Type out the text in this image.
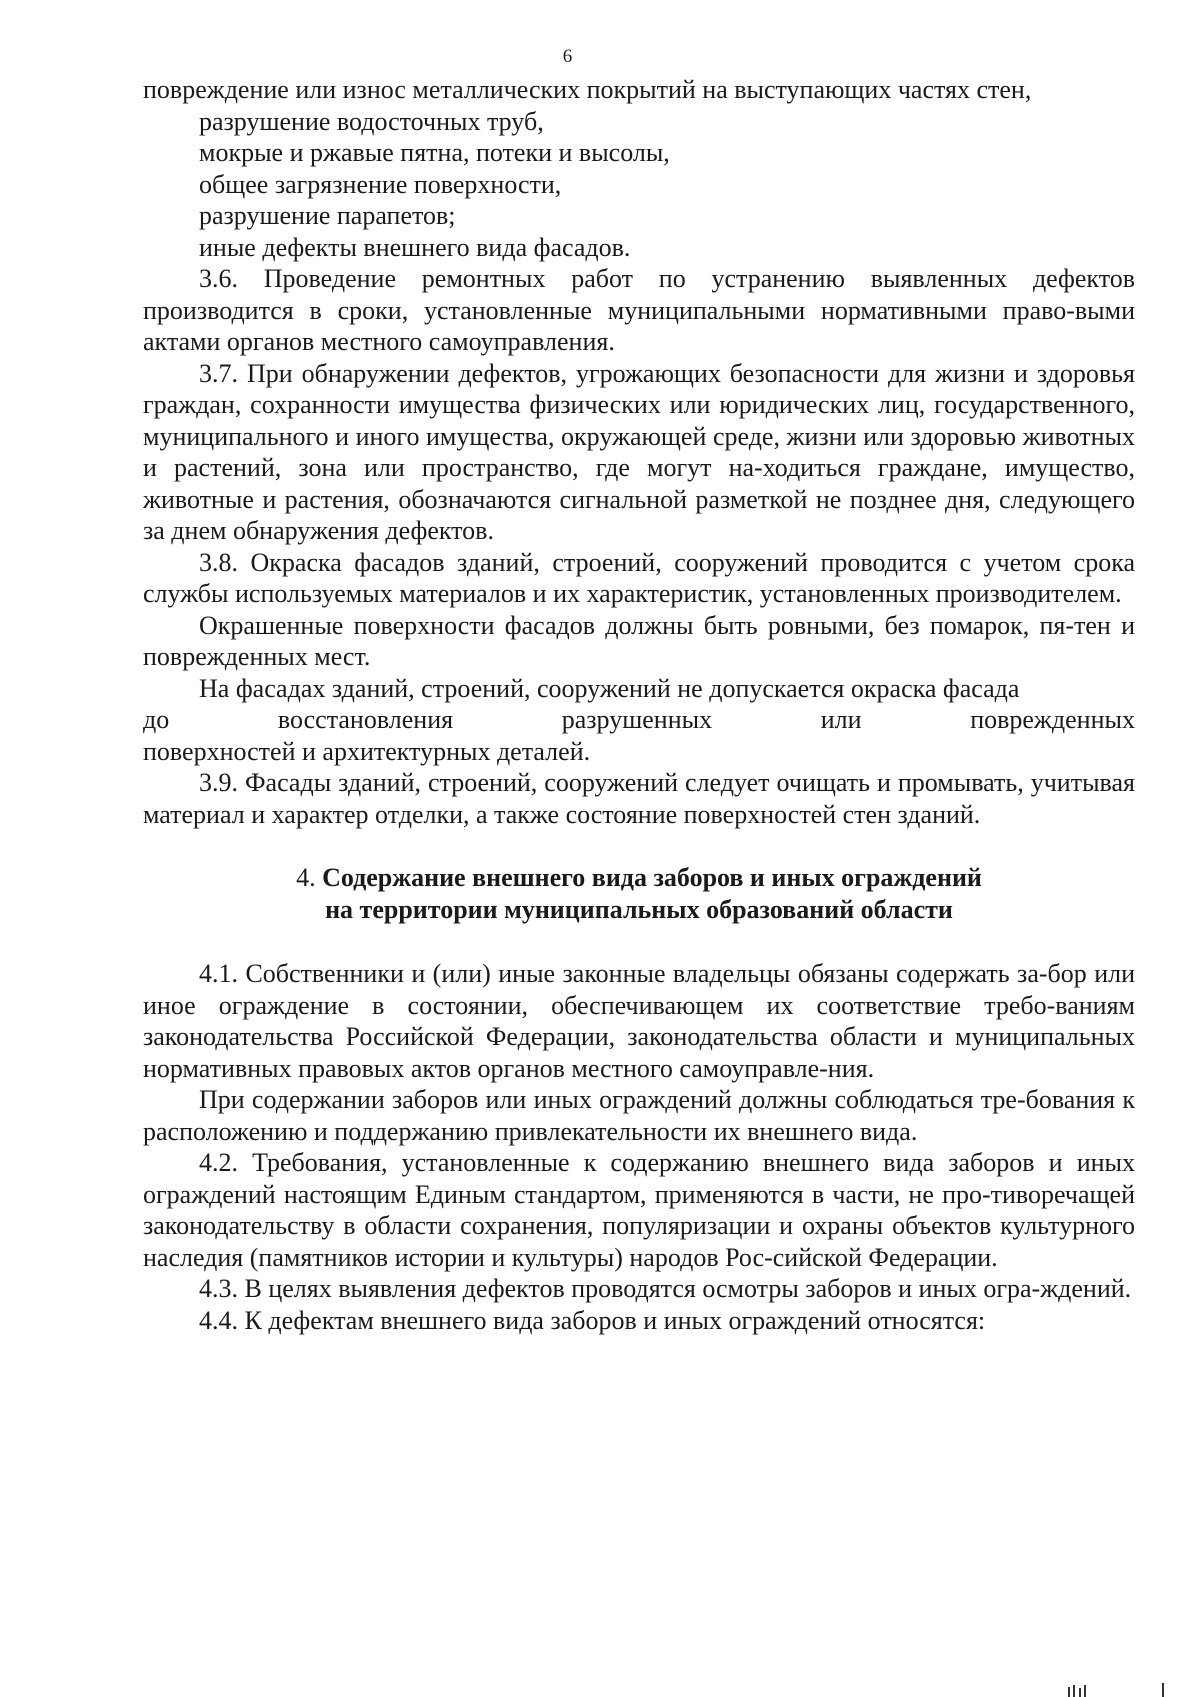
6

повреждение или износ металлических покрытий на выступающих частях стен,

разрушение водосточных труб,

мокрые и ржавые пятна, потеки и высолы,

общее загрязнение поверхности,

разрушение парапетов;

иные дефекты внешнего вида фасадов.

3.6. Проведение ремонтных работ по устранению выявленных дефектов производится в сроки, установленные муниципальными нормативными право-выми актами органов местного самоуправления.

3.7. При обнаружении дефектов, угрожающих безопасности для жизни и здоровья граждан, сохранности имущества физических или юридических лиц, государственного, муниципального и иного имущества, окружающей среде, жизни или здоровью животных и растений, зона или пространство, где могут на-ходиться граждане, имущество, животные и растения, обозначаются сигнальной разметкой не позднее дня, следующего за днем обнаружения дефектов.

3.8. Окраска фасадов зданий, строений, сооружений проводится с учетом срока службы используемых материалов и их характеристик, установленных производителем.

Окрашенные поверхности фасадов должны быть ровными, без помарок, пя-тен и поврежденных мест.

На фасадах зданий, строений, сооружений не допускается окраска фасада

до	восстановления	разрушенных	или	поврежденных

поверхностей и архитектурных деталей.

3.9. Фасады зданий, строений, сооружений следует очищать и промывать, учитывая материал и характер отделки, а также состояние поверхностей стен зданий.

4. Содержание внешнего вида заборов и иных ограждений
на территории муниципальных образований области

4.1. Собственники и (или) иные законные владельцы обязаны содержать за-бор или иное ограждение в состоянии, обеспечивающем их соответствие требо-ваниям законодательства Российской Федерации, законодательства области и муниципальных нормативных правовых актов органов местного самоуправле-ния.

При содержании заборов или иных ограждений должны соблюдаться тре-бования к расположению и поддержанию привлекательности их внешнего вида.

4.2. Требования, установленные к содержанию внешнего вида заборов и иных ограждений настоящим Единым стандартом, применяются в части, не про-тиворечащей законодательству в области сохранения, популяризации и охраны объектов культурного наследия (памятников истории и культуры) народов Рос-сийской Федерации.

4.3. В целях выявления дефектов проводятся осмотры заборов и иных огра-ждений.

4.4. К дефектам внешнего вида заборов и иных ограждений относятся:
